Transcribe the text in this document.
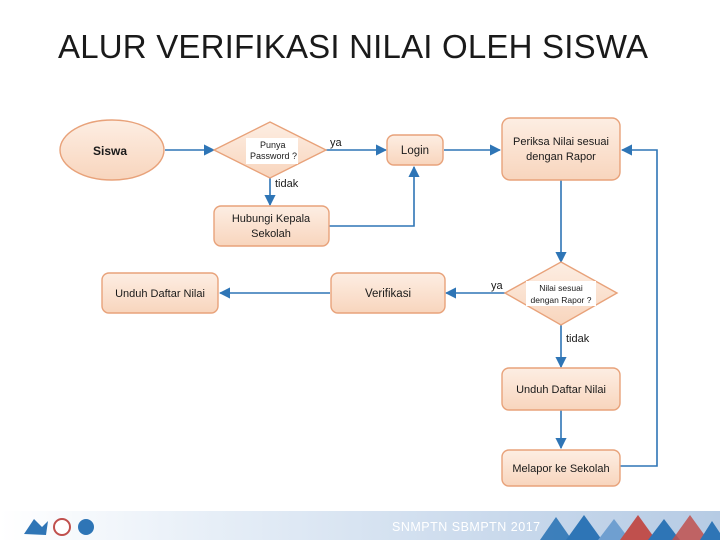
ALUR VERIFIKASI NILAI OLEH SISWA
Siswa	Punya
Password ?	Login
Periksa Nilai sesuai
dengan Rapor
Hubungi Kepala
Sekolah
Unduh Daftar Nilai	Verifikasi	Nilai sesuai
dengan Rapor ?
Unduh Daftar Nilai
Melapor ke Sekolah
ya
tidak
ya
tidak
SNMPTN SBMPTN 2017
